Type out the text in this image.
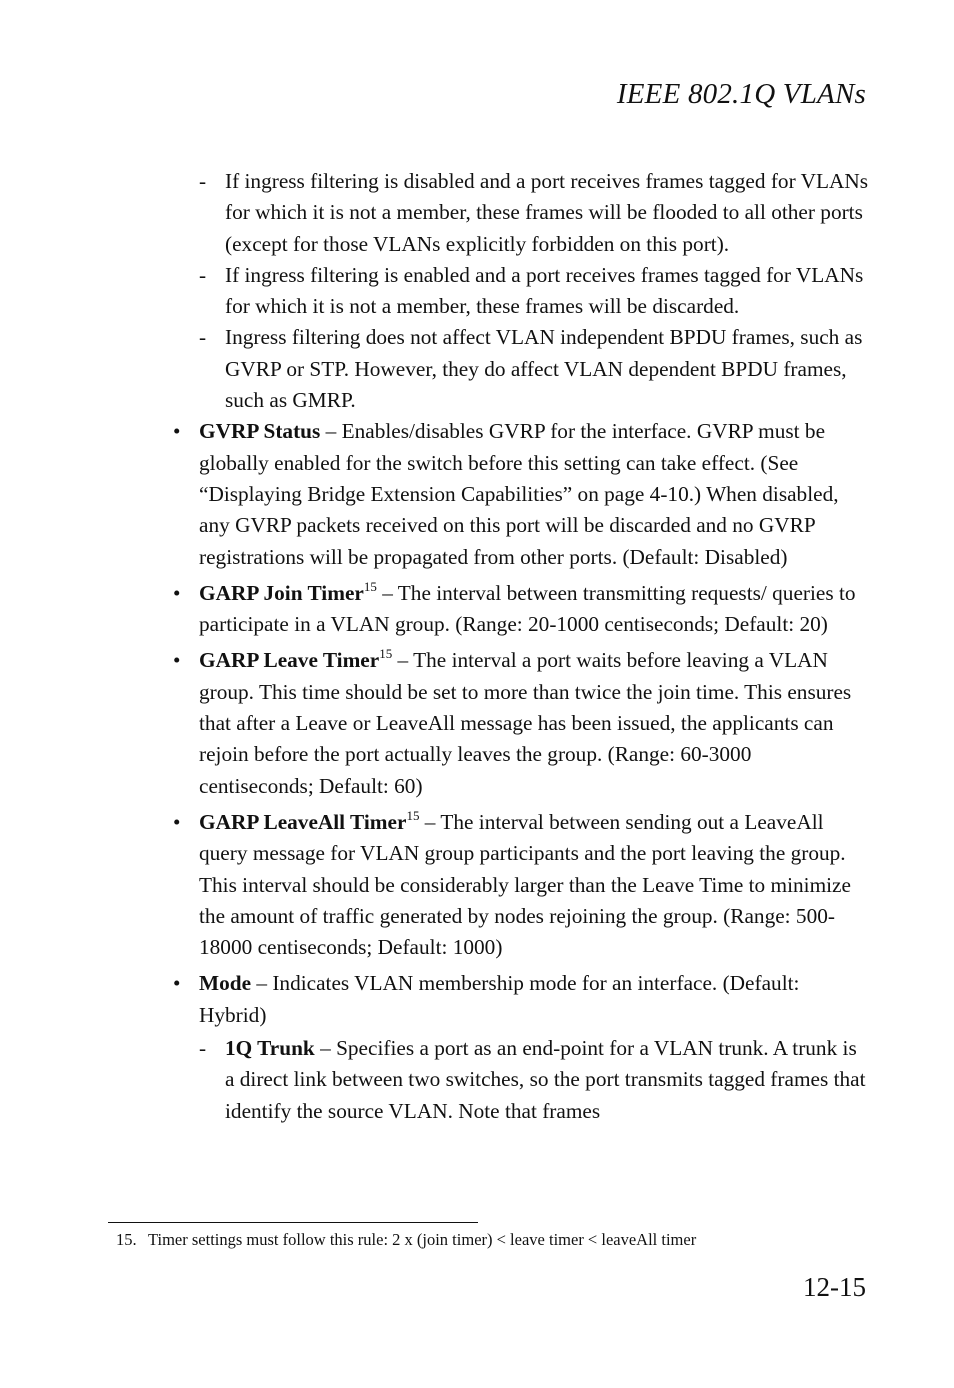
IEEE 802.1Q VLANs
- If ingress filtering is disabled and a port receives frames tagged for VLANs for which it is not a member, these frames will be flooded to all other ports (except for those VLANs explicitly forbidden on this port).
- If ingress filtering is enabled and a port receives frames tagged for VLANs for which it is not a member, these frames will be discarded.
- Ingress filtering does not affect VLAN independent BPDU frames, such as GVRP or STP. However, they do affect VLAN dependent BPDU frames, such as GMRP.
• GVRP Status – Enables/disables GVRP for the interface. GVRP must be globally enabled for the switch before this setting can take effect. (See “Displaying Bridge Extension Capabilities” on page 4-10.) When disabled, any GVRP packets received on this port will be discarded and no GVRP registrations will be propagated from other ports. (Default: Disabled)
• GARP Join Timer$^{15}$ – The interval between transmitting requests/ queries to participate in a VLAN group. (Range: 20-1000 centiseconds; Default: 20)
• GARP Leave Timer$^{15}$ – The interval a port waits before leaving a VLAN group. This time should be set to more than twice the join time. This ensures that after a Leave or LeaveAll message has been issued, the applicants can rejoin before the port actually leaves the group. (Range: 60-3000 centiseconds; Default: 60)
• GARP LeaveAll Timer$^{15}$ – The interval between sending out a LeaveAll query message for VLAN group participants and the port leaving the group. This interval should be considerably larger than the Leave Time to minimize the amount of traffic generated by nodes rejoining the group. (Range: 500-18000 centiseconds; Default: 1000)
• Mode – Indicates VLAN membership mode for an interface. (Default: Hybrid)
- 1Q Trunk – Specifies a port as an end-point for a VLAN trunk. A trunk is a direct link between two switches, so the port transmits tagged frames that identify the source VLAN. Note that frames
15. Timer settings must follow this rule: 2 x (join timer) < leave timer < leaveAll timer
12-15
